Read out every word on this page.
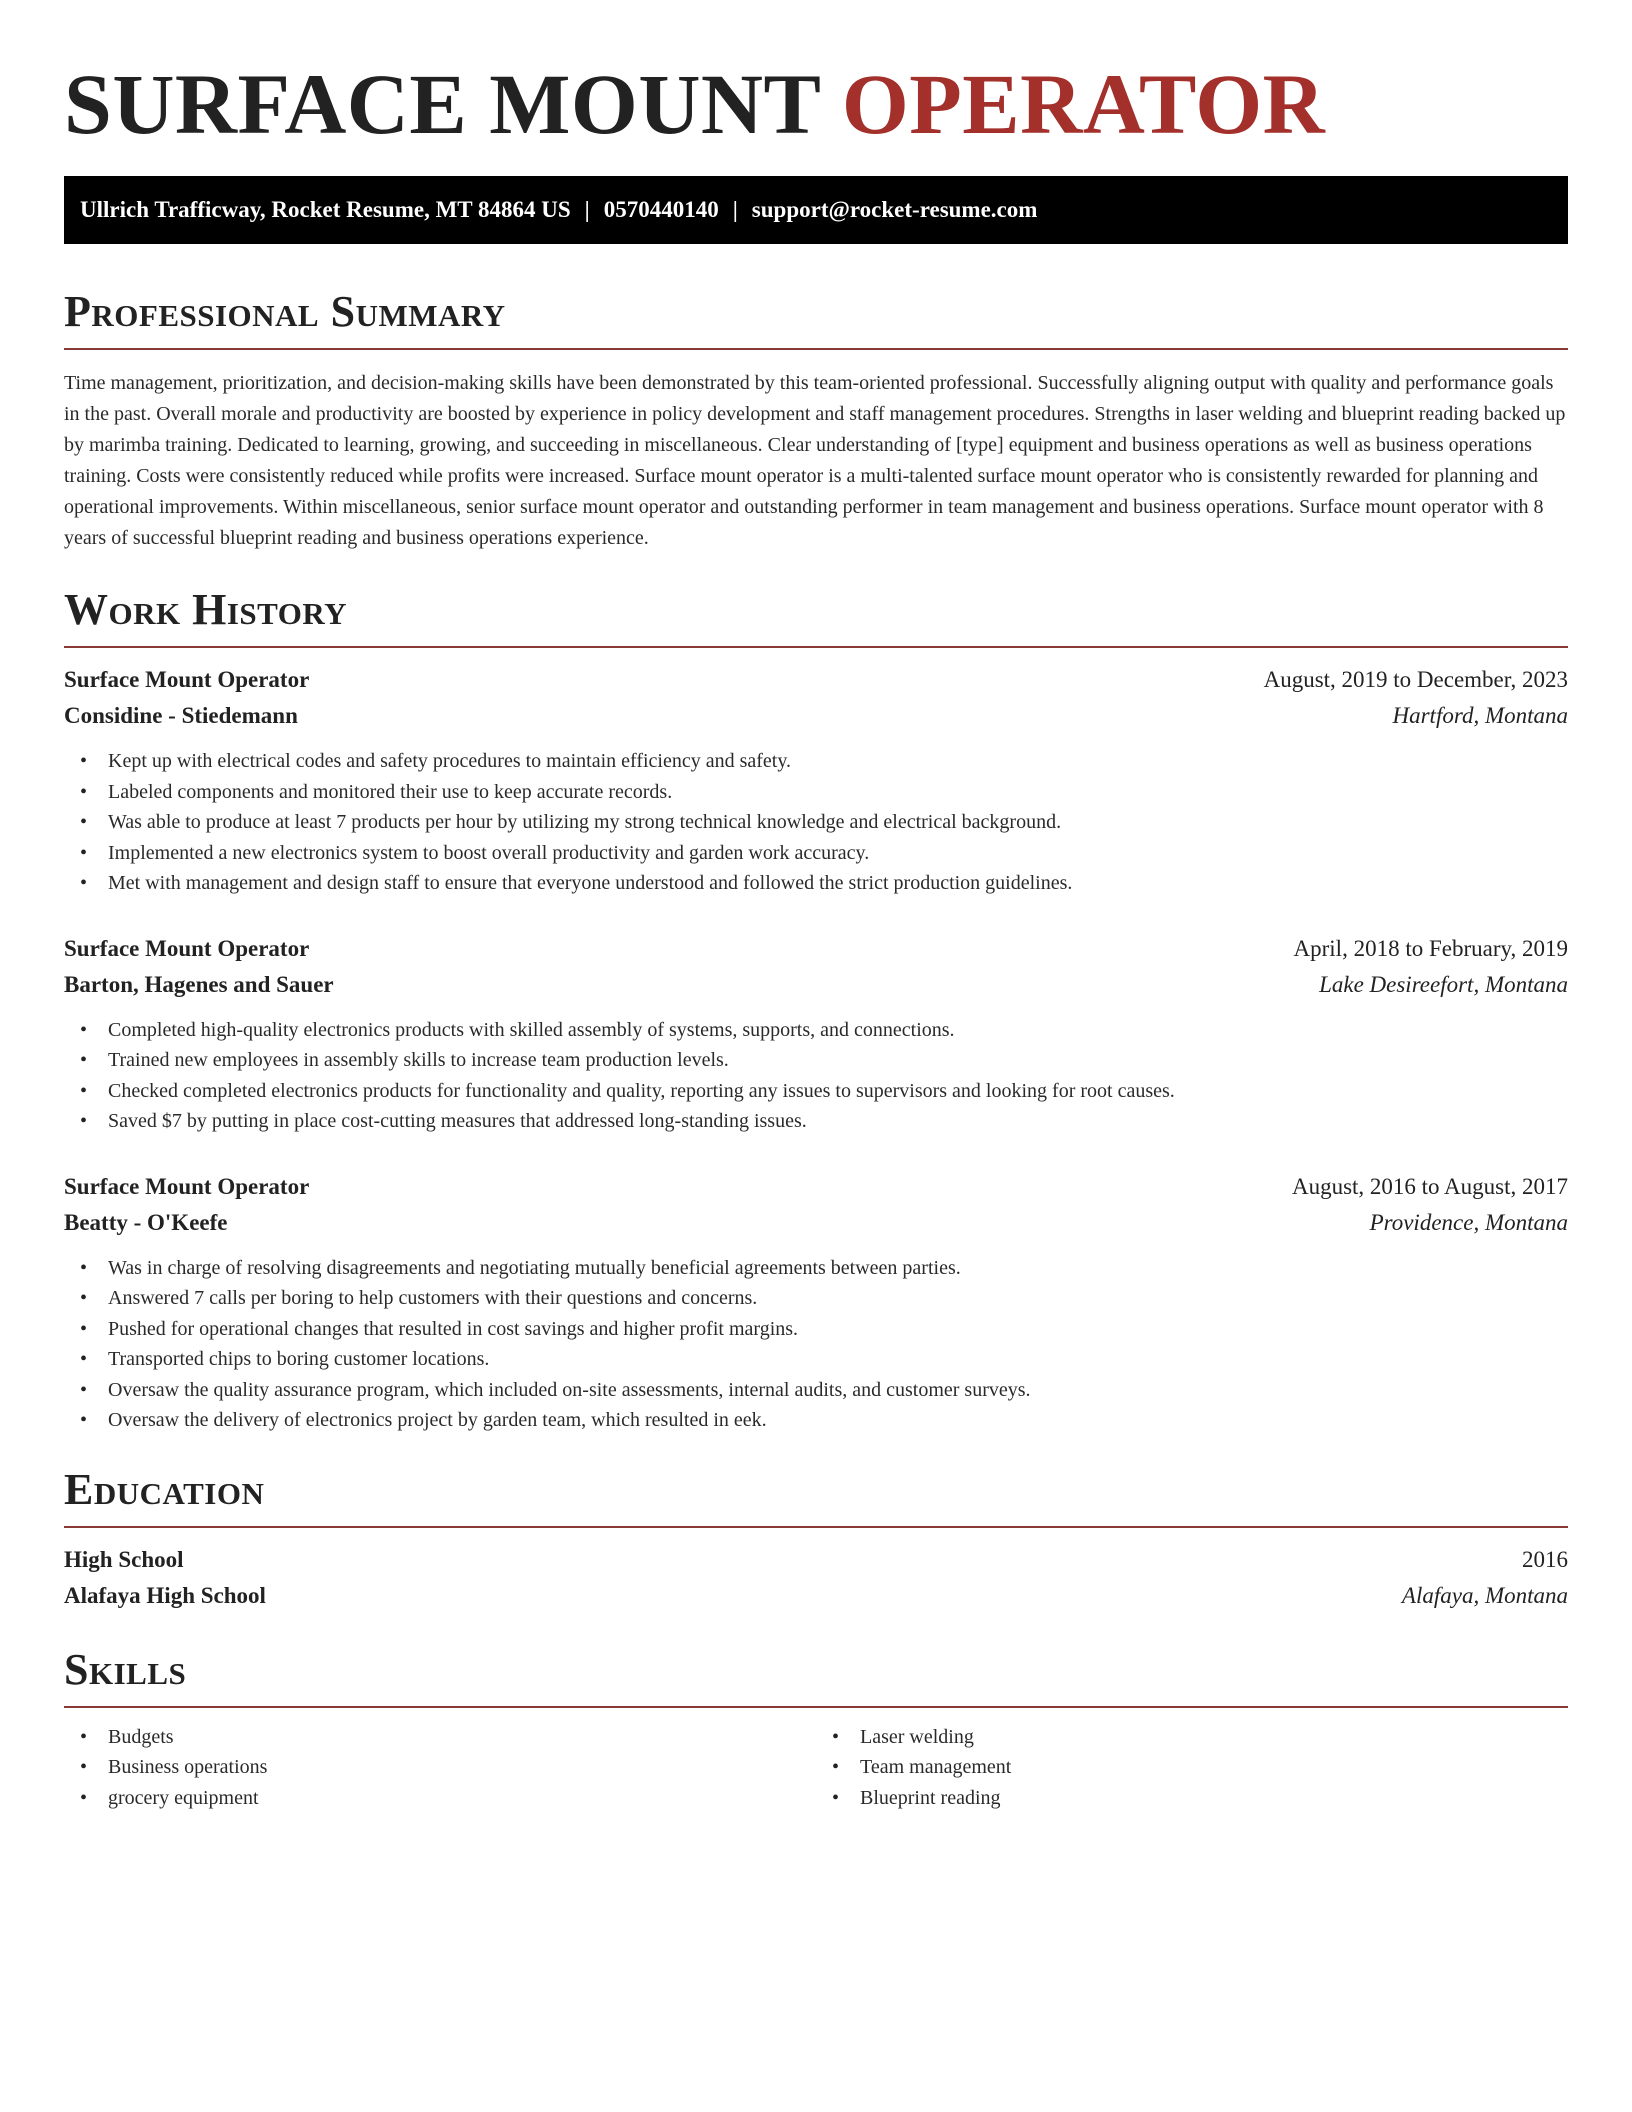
SURFACE MOUNT OPERATOR
Ullrich Trafficway, Rocket Resume, MT 84864 US | 0570440140 | support@rocket-resume.com
Professional Summary

Time management, prioritization, and decision-making skills have been demonstrated by this team-oriented professional. Successfully aligning output with quality and performance goals in the past. Overall morale and productivity are boosted by experience in policy development and staff management procedures. Strengths in laser welding and blueprint reading backed up by marimba training. Dedicated to learning, growing, and succeeding in miscellaneous. Clear understanding of [type] equipment and business operations as well as business operations training. Costs were consistently reduced while profits were increased. Surface mount operator is a multi-talented surface mount operator who is consistently rewarded for planning and operational improvements. Within miscellaneous, senior surface mount operator and outstanding performer in team management and business operations. Surface mount operator with 8 years of successful blueprint reading and business operations experience.

Work History
Surface Mount Operator	August, 2019 to December, 2023
Considine - Stiedemann	Hartford, Montana
• Kept up with electrical codes and safety procedures to maintain efficiency and safety.
• Labeled components and monitored their use to keep accurate records.
• Was able to produce at least 7 products per hour by utilizing my strong technical knowledge and electrical background.
• Implemented a new electronics system to boost overall productivity and garden work accuracy.
• Met with management and design staff to ensure that everyone understood and followed the strict production guidelines.
Surface Mount Operator	April, 2018 to February, 2019
Barton, Hagenes and Sauer	Lake Desireefort, Montana
• Completed high-quality electronics products with skilled assembly of systems, supports, and connections.
• Trained new employees in assembly skills to increase team production levels.
• Checked completed electronics products for functionality and quality, reporting any issues to supervisors and looking for root causes.
• Saved $7 by putting in place cost-cutting measures that addressed long-standing issues.
Surface Mount Operator	August, 2016 to August, 2017
Beatty - O'Keefe	Providence, Montana
• Was in charge of resolving disagreements and negotiating mutually beneficial agreements between parties.
• Answered 7 calls per boring to help customers with their questions and concerns.
• Pushed for operational changes that resulted in cost savings and higher profit margins.
• Transported chips to boring customer locations.
• Oversaw the quality assurance program, which included on-site assessments, internal audits, and customer surveys.
• Oversaw the delivery of electronics project by garden team, which resulted in eek.
Education
High School	2016
Alafaya High School	Alafaya, Montana
Skills
• Budgets
• Business operations
• grocery equipment
• Laser welding
• Team management
• Blueprint reading
